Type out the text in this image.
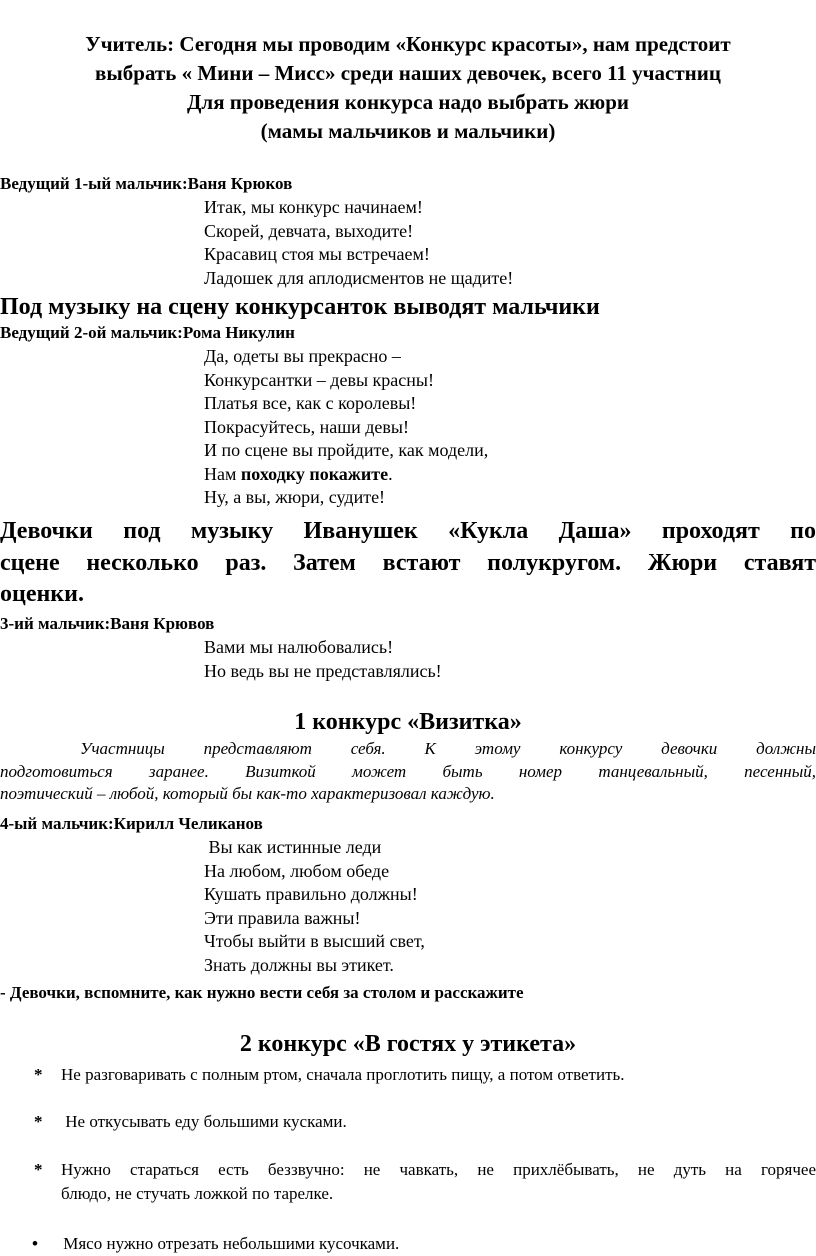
Учитель: Сегодня мы проводим «Конкурс красоты», нам предстоит
выбрать « Мини – Мисс» среди наших девочек, всего 11 участниц
Для проведения конкурса надо выбрать жюри
(мамы мальчиков и мальчики)
Ведущий 1-ый мальчик:Ваня Крюков
Итак, мы конкурс начинаем!
Скорей, девчата, выходите!
Красавиц стоя мы встречаем!
Ладошек для аплодисментов не щадите!
Под музыку на сцену конкурсанток выводят мальчики
Ведущий 2-ой мальчик:Рома Никулин
Да, одеты вы прекрасно –
Конкурсантки – девы красны!
Платья все, как с королевы!
Покрасуйтесь, наши девы!
И по сцене вы пройдите, как модели,
Нам походку покажите.
Ну, а вы, жюри, судите!
Девочки под музыку Иванушек «Кукла Даша» проходят по
сцене несколько раз. Затем встают полукругом. Жюри ставят
оценки.
3-ий мальчик:Ваня Крювов
Вами мы налюбовались!
Но ведь вы не представлялись!
1 конкурс «Визитка»
Участницы представляют себя. К этому конкурсу девочки должны
подготовиться заранее. Визиткой может быть номер танцевальный, песенный,
поэтический – любой, который бы как-то характеризовал каждую.
4-ый мальчик:Кирилл Челиканов
Вы как истинные леди
На любом, любом обеде
Кушать правильно должны!
Эти правила важны!
Чтобы выйти в высший свет,
Знать должны вы этикет.
- Девочки, вспомните, как нужно вести себя за столом и расскажите
2 конкурс «В гостях у этикета»
* Не разговаривать с полным ртом, сначала проглотить пищу, а потом ответить.
* Не откусывать еду большими кусками.
* Нужно стараться есть беззвучно: не чавкать, не прихлёбывать, не дуть на горячее
блюдо, не стучать ложкой по тарелке.
• Мясо нужно отрезать небольшими кусочками.
